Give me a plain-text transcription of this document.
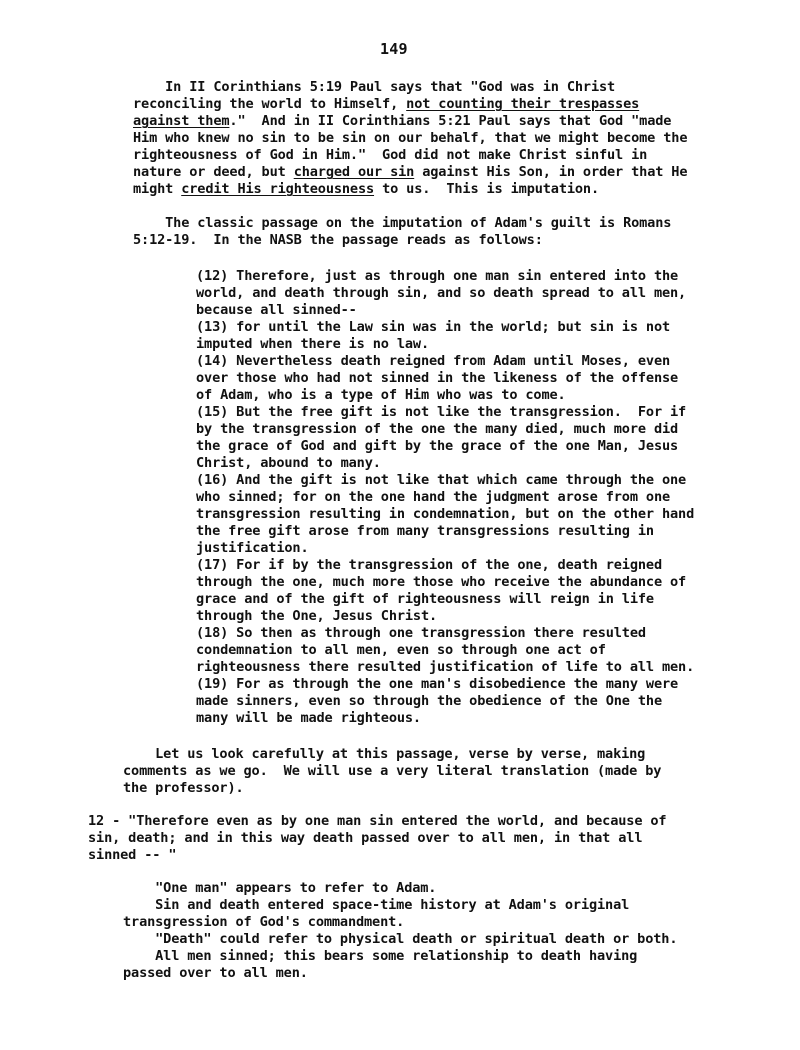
149
In II Corinthians 5:19 Paul says that "God was in Christ
reconciling the world to Himself, not counting their trespasses
against them."  And in II Corinthians 5:21 Paul says that God "made
Him who knew no sin to be sin on our behalf, that we might become the
righteousness of God in Him."  God did not make Christ sinful in
nature or deed, but charged our sin against His Son, in order that He
might credit His righteousness to us.  This is imputation.
The classic passage on the imputation of Adam's guilt is Romans
5:12-19.  In the NASB the passage reads as follows:
(12) Therefore, just as through one man sin entered into the
world, and death through sin, and so death spread to all men,
because all sinned--
(13) for until the Law sin was in the world; but sin is not
imputed when there is no law.
(14) Nevertheless death reigned from Adam until Moses, even
over those who had not sinned in the likeness of the offense
of Adam, who is a type of Him who was to come.
(15) But the free gift is not like the transgression.  For if
by the transgression of the one the many died, much more did
the grace of God and gift by the grace of the one Man, Jesus
Christ, abound to many.
(16) And the gift is not like that which came through the one
who sinned; for on the one hand the judgment arose from one
transgression resulting in condemnation, but on the other hand
the free gift arose from many transgressions resulting in
justification.
(17) For if by the transgression of the one, death reigned
through the one, much more those who receive the abundance of
grace and of the gift of righteousness will reign in life
through the One, Jesus Christ.
(18) So then as through one transgression there resulted
condemnation to all men, even so through one act of
righteousness there resulted justification of life to all men.
(19) For as through the one man's disobedience the many were
made sinners, even so through the obedience of the One the
many will be made righteous.
Let us look carefully at this passage, verse by verse, making
comments as we go.  We will use a very literal translation (made by
the professor).
12 - "Therefore even as by one man sin entered the world, and because of
sin, death; and in this way death passed over to all men, in that all
sinned -- "
"One man" appears to refer to Adam.
Sin and death entered space-time history at Adam's original
transgression of God's commandment.
"Death" could refer to physical death or spiritual death or both.
All men sinned; this bears some relationship to death having
passed over to all men.
